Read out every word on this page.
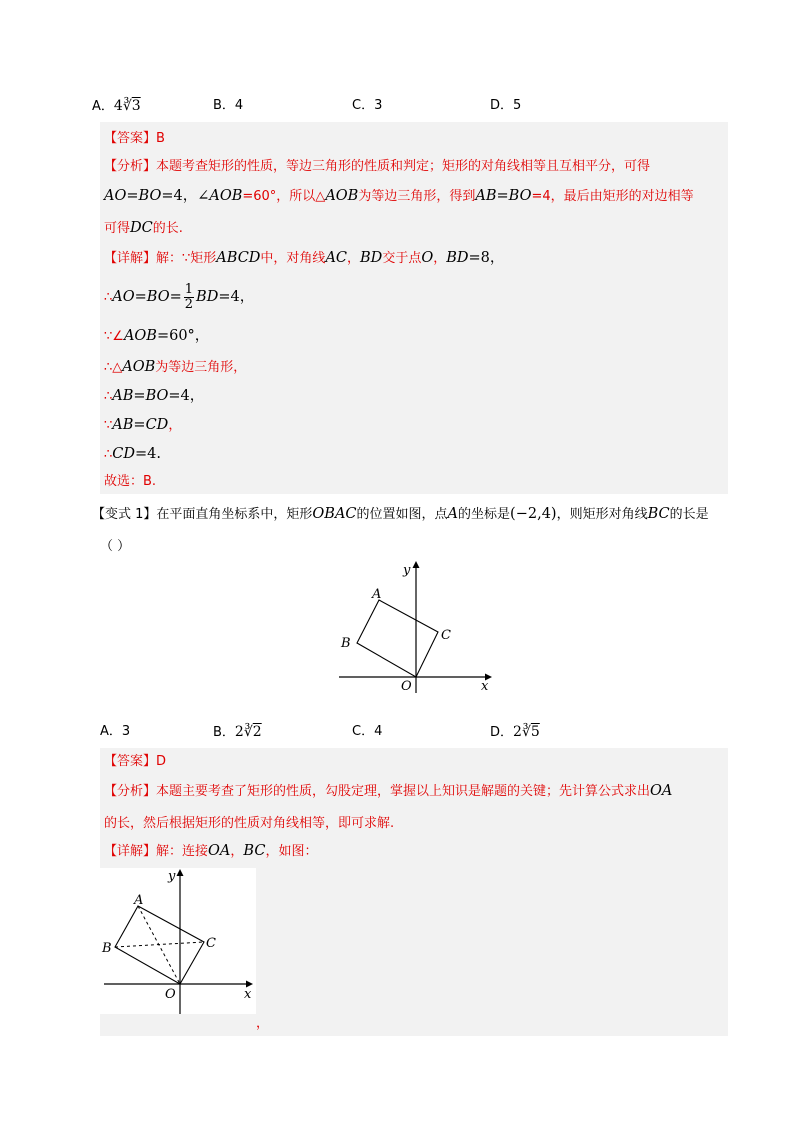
A．4∛3	B．4	C．3	D．5
【答案】B
【分析】本题考查矩形的性质，等边三角形的性质和判定；矩形的对角线相等且互相平分，可得
AO=BO=4，∠AOB=60°，所以△AOB为等边三角形，得到AB=BO=4，最后由矩形的对边相等
可得DC的长.
【详解】解：∵矩形ABCD中，对角线AC，BD交于点O，BD=8，
∴AO=BO= $\frac{1}{2} BD=4$，
∵∠AOB=60°，
∴△AOB为等边三角形，
∴AB=BO=4，
∵AB=CD，
∴CD=4.
故选：B.
【变式 1】在平面直角坐标系中，矩形OBAC的位置如图，点A的坐标是(−2,4)，则矩形对角线BC的长是
（ ）
A
B
C
O	x
y
A．3	B．2∛2	C．4	D．2∛5
【答案】D
【分析】本题主要考查了矩形的性质，勾股定理，掌握以上知识是解题的关键；先计算公式求出OA
的长，然后根据矩形的性质对角线相等，即可求解.
【详解】解：连接OA，BC，如图：
A
B	C
O	x
y
，
